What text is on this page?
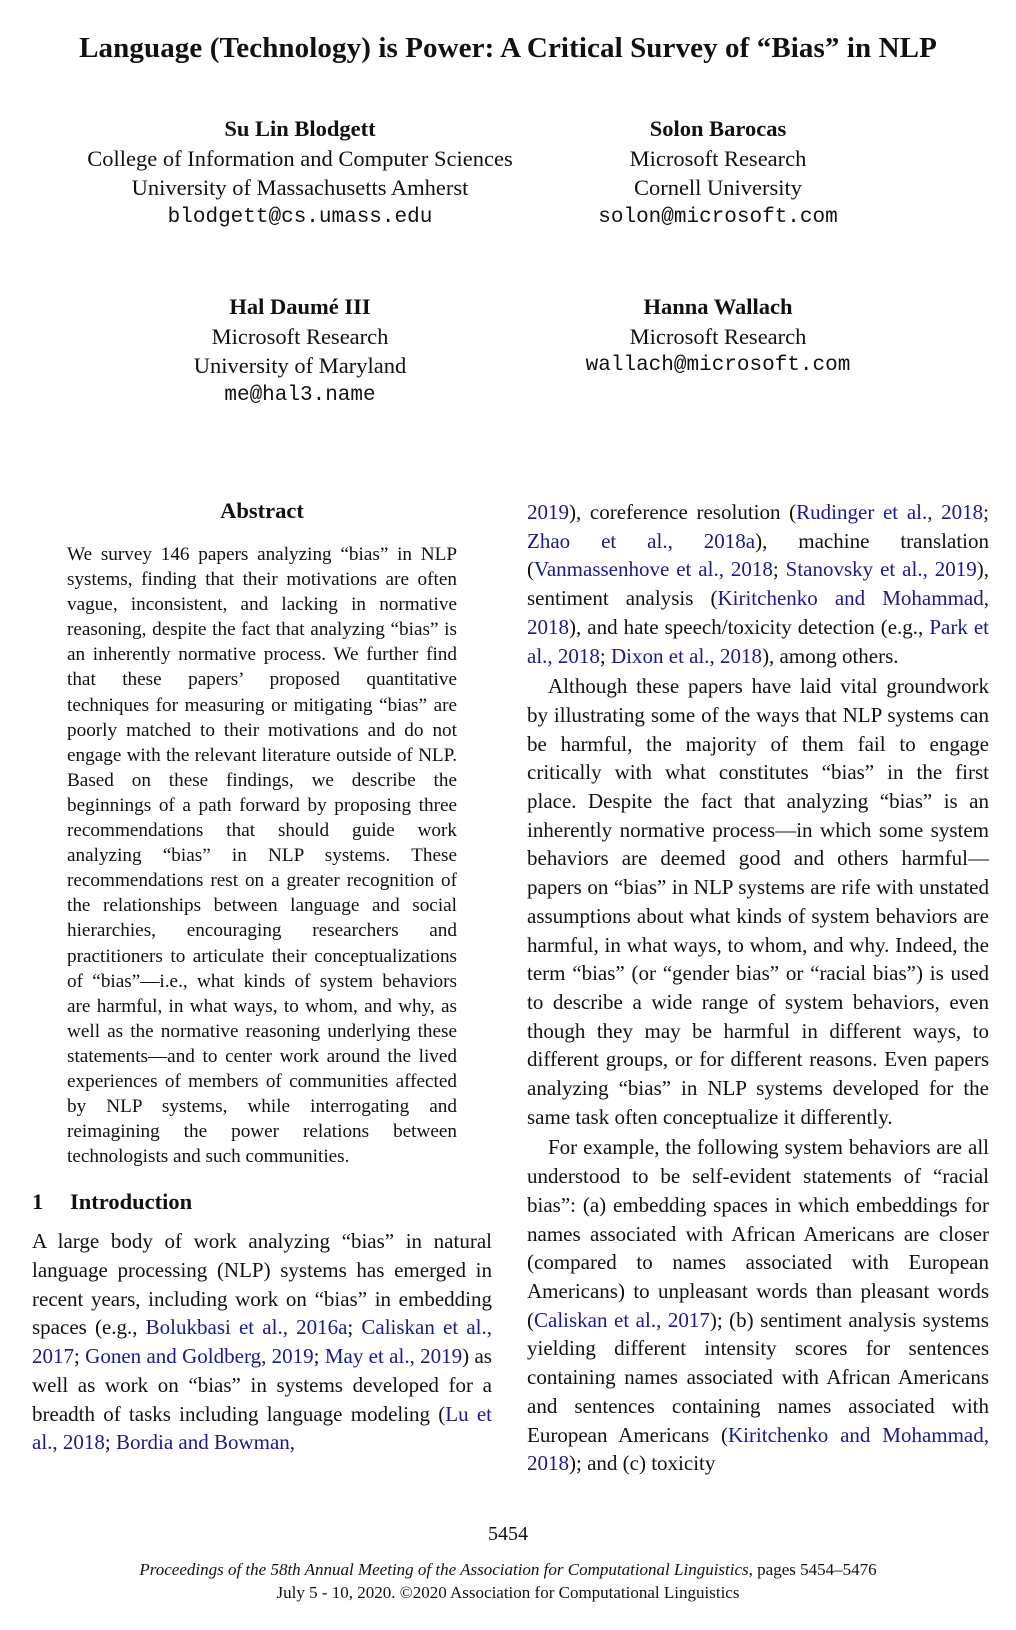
Language (Technology) is Power: A Critical Survey of “Bias” in NLP
Su Lin Blodgett
College of Information and Computer Sciences
University of Massachusetts Amherst
blodgett@cs.umass.edu
Solon Barocas
Microsoft Research
Cornell University
solon@microsoft.com
Hal Daumé III
Microsoft Research
University of Maryland
me@hal3.name
Hanna Wallach
Microsoft Research
wallach@microsoft.com
Abstract

We survey 146 papers analyzing “bias” in NLP systems, finding that their motivations are often vague, inconsistent, and lacking in normative reasoning, despite the fact that analyzing “bias” is an inherently normative process. We further find that these papers’ proposed quantitative techniques for measuring or mitigating “bias” are poorly matched to their motivations and do not engage with the relevant literature outside of NLP. Based on these findings, we describe the beginnings of a path forward by proposing three recommendations that should guide work analyzing “bias” in NLP systems. These recommendations rest on a greater recognition of the relationships between language and social hierarchies, encouraging researchers and practitioners to articulate their conceptualizations of “bias”—i.e., what kinds of system behaviors are harmful, in what ways, to whom, and why, as well as the normative reasoning underlying these statements—and to center work around the lived experiences of members of communities affected by NLP systems, while interrogating and reimagining the power relations between technologists and such communities.

1 Introduction

A large body of work analyzing “bias” in natural language processing (NLP) systems has emerged in recent years, including work on “bias” in embedding spaces (e.g., Bolukbasi et al., 2016a; Caliskan et al., 2017; Gonen and Goldberg, 2019; May et al., 2019) as well as work on “bias” in systems developed for a breadth of tasks including language modeling (Lu et al., 2018; Bordia and Bowman,

2019), coreference resolution (Rudinger et al., 2018; Zhao et al., 2018a), machine translation (Vanmassenhove et al., 2018; Stanovsky et al., 2019), sentiment analysis (Kiritchenko and Mohammad, 2018), and hate speech/toxicity detection (e.g., Park et al., 2018; Dixon et al., 2018), among others.

Although these papers have laid vital groundwork by illustrating some of the ways that NLP systems can be harmful, the majority of them fail to engage critically with what constitutes “bias” in the first place. Despite the fact that analyzing “bias” is an inherently normative process—in which some system behaviors are deemed good and others harmful—papers on “bias” in NLP systems are rife with unstated assumptions about what kinds of system behaviors are harmful, in what ways, to whom, and why. Indeed, the term “bias” (or “gender bias” or “racial bias”) is used to describe a wide range of system behaviors, even though they may be harmful in different ways, to different groups, or for different reasons. Even papers analyzing “bias” in NLP systems developed for the same task often conceptualize it differently.

For example, the following system behaviors are all understood to be self-evident statements of “racial bias”: (a) embedding spaces in which embeddings for names associated with African Americans are closer (compared to names associated with European Americans) to unpleasant words than pleasant words (Caliskan et al., 2017); (b) sentiment analysis systems yielding different intensity scores for sentences containing names associated with African Americans and sentences containing names associated with European Americans (Kiritchenko and Mohammad, 2018); and (c) toxicity

5454
Proceedings of the 58th Annual Meeting of the Association for Computational Linguistics, pages 5454–5476
July 5 - 10, 2020. ©2020 Association for Computational Linguistics
